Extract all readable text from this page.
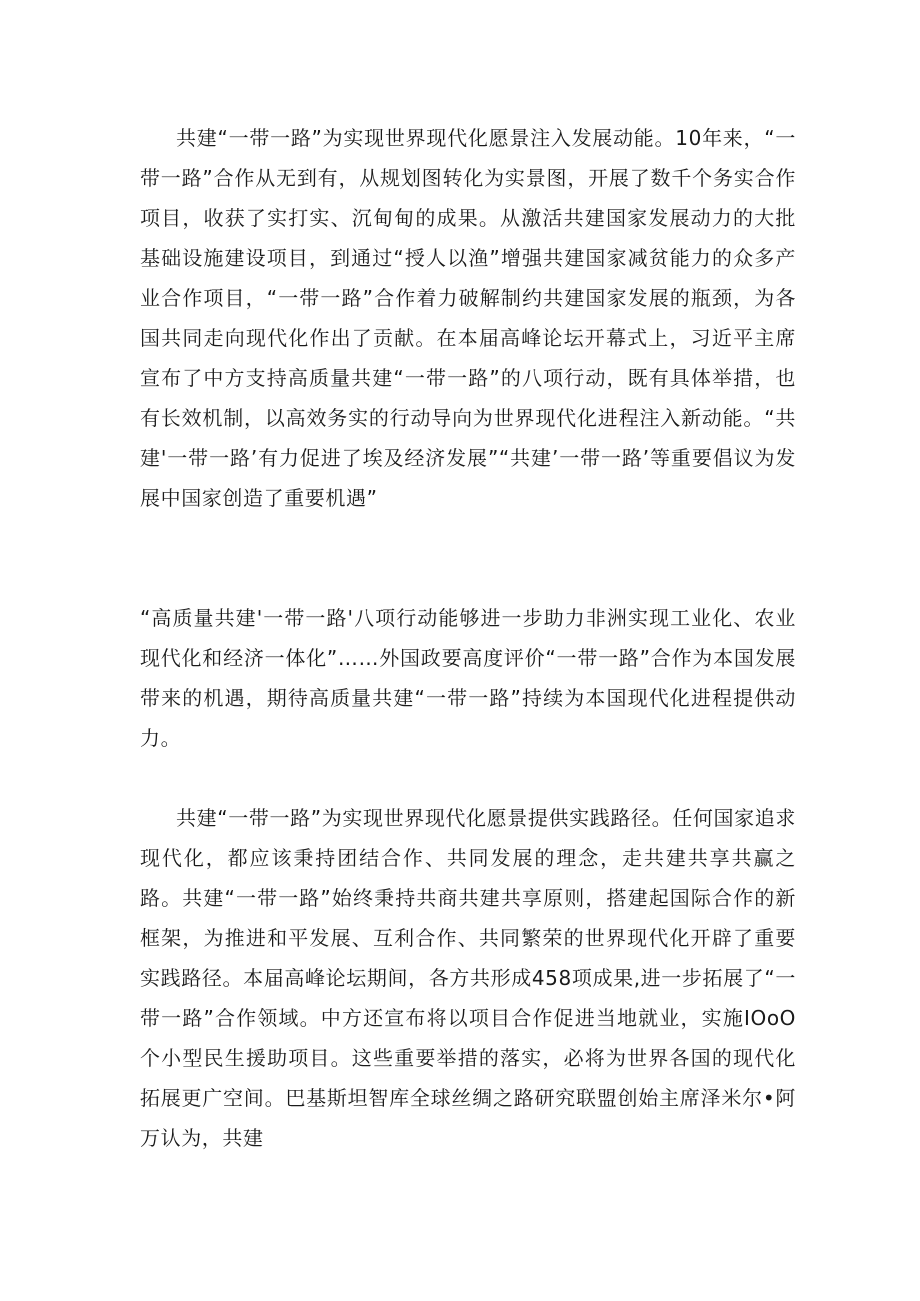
共建“一带一路”为实现世界现代化愿景注入发展动能。10年来，“一带一路”合作从无到有，从规划图转化为实景图，开展了数千个务实合作项目，收获了实打实、沉甸甸的成果。从激活共建国家发展动力的大批基础设施建设项目，到通过“授人以渔”增强共建国家减贫能力的众多产业合作项目，“一带一路”合作着力破解制约共建国家发展的瓶颈，为各国共同走向现代化作出了贡献。在本届高峰论坛开幕式上，习近平主席宣布了中方支持高质量共建“一带一路”的八项行动，既有具体举措，也有长效机制，以高效务实的行动导向为世界现代化进程注入新动能。“共建'一带一路’有力促进了埃及经济发展”“共建’一带一路’等重要倡议为发展中国家创造了重要机遇”

“高质量共建'一带一路'八项行动能够进一步助力非洲实现工业化、农业现代化和经济一体化”……外国政要高度评价“一带一路”合作为本国发展带来的机遇，期待高质量共建“一带一路”持续为本国现代化进程提供动力。

共建“一带一路”为实现世界现代化愿景提供实践路径。任何国家追求现代化，都应该秉持团结合作、共同发展的理念，走共建共享共赢之路。共建“一带一路”始终秉持共商共建共享原则，搭建起国际合作的新框架，为推进和平发展、互利合作、共同繁荣的世界现代化开辟了重要实践路径。本届高峰论坛期间，各方共形成458项成果,进一步拓展了“一带一路”合作领域。中方还宣布将以项目合作促进当地就业，实施IOoO个小型民生援助项目。这些重要举措的落实，必将为世界各国的现代化拓展更广空间。巴基斯坦智库全球丝绸之路研究联盟创始主席泽米尔•阿万认为，共建
